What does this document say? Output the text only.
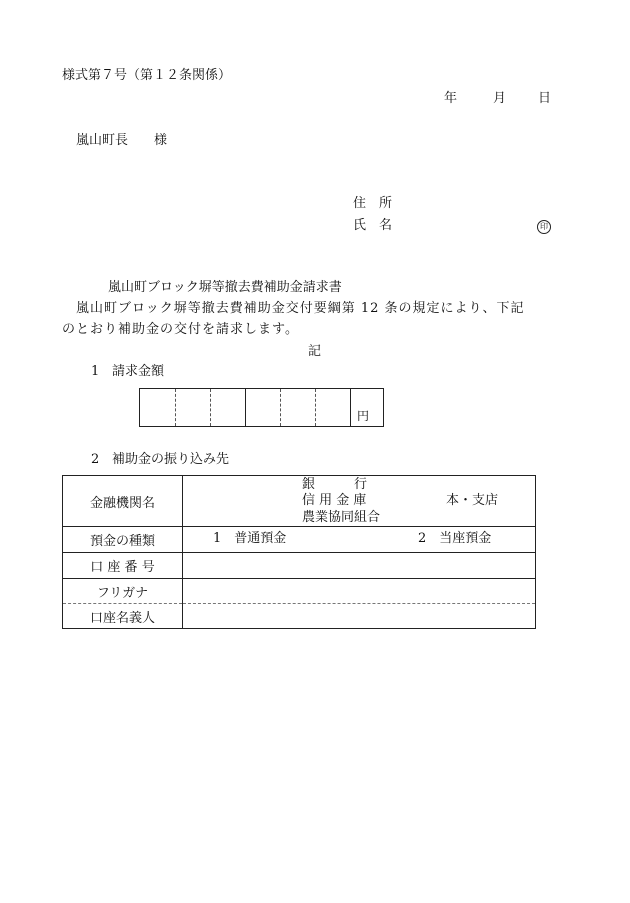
様式第７号（第１２条関係）
年	月 日
嵐山町長　　様
住　所
氏　名	印
嵐山町ブロック塀等撤去費補助金請求書
嵐山町ブロック塀等撤去費補助金交付要綱第 12 条の規定により、下記
のとおり補助金の交付を請求します。
記
1 請求金額
円
2 補助金の振り込み先
金融機関名	銀　　　行
信 用 金 庫
農業協同組合
本・支店

預金の種類	1　普通預金 2　当座預金

口 座 番 号	
フリガナ	
口座名義人	
